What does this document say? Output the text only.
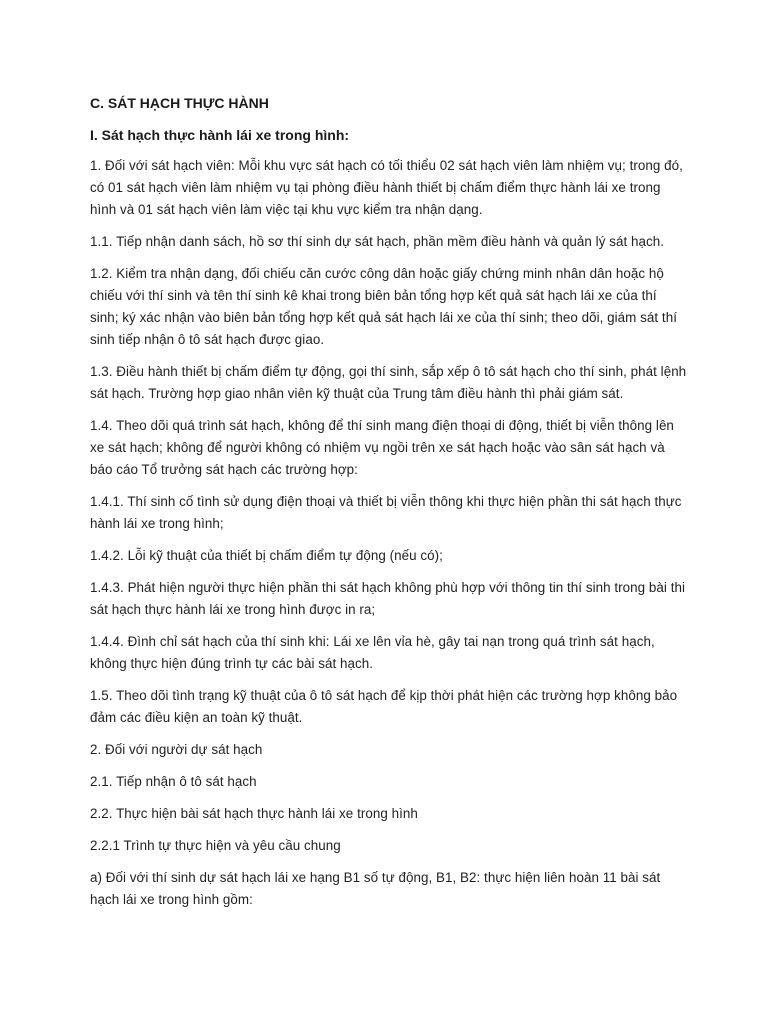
C. SÁT HẠCH THỰC HÀNH
I. Sát hạch thực hành lái xe trong hình:

1. Đối với sát hạch viên: Mỗi khu vực sát hạch có tối thiểu 02 sát hạch viên làm nhiệm vụ; trong đó, có 01 sát hạch viên làm nhiệm vụ tại phòng điều hành thiết bị chấm điểm thực hành lái xe trong hình và 01 sát hạch viên làm việc tại khu vực kiểm tra nhận dạng.

1.1. Tiếp nhận danh sách, hồ sơ thí sinh dự sát hạch, phần mềm điều hành và quản lý sát hạch.

1.2. Kiểm tra nhận dạng, đối chiếu căn cước công dân hoặc giấy chứng minh nhân dân hoặc hộ chiếu với thí sinh và tên thí sinh kê khai trong biên bản tổng hợp kết quả sát hạch lái xe của thí sinh; ký xác nhận vào biên bản tổng hợp kết quả sát hạch lái xe của thí sinh; theo dõi, giám sát thí sinh tiếp nhận ô tô sát hạch được giao.

1.3. Điều hành thiết bị chấm điểm tự động, gọi thí sinh, sắp xếp ô tô sát hạch cho thí sinh, phát lệnh sát hạch. Trường hợp giao nhân viên kỹ thuật của Trung tâm điều hành thì phải giám sát.

1.4. Theo dõi quá trình sát hạch, không để thí sinh mang điện thoại di động, thiết bị viễn thông lên xe sát hạch; không để người không có nhiệm vụ ngồi trên xe sát hạch hoặc vào sân sát hạch và báo cáo Tổ trưởng sát hạch các trường hợp:

1.4.1. Thí sinh cố tình sử dụng điện thoại và thiết bị viễn thông khi thực hiện phần thi sát hạch thực hành lái xe trong hình;

1.4.2. Lỗi kỹ thuật của thiết bị chấm điểm tự động (nếu có);

1.4.3. Phát hiện người thực hiện phần thi sát hạch không phù hợp với thông tin thí sinh trong bài thi sát hạch thực hành lái xe trong hình được in ra;

1.4.4. Đình chỉ sát hạch của thí sinh khi: Lái xe lên vỉa hè, gây tai nạn trong quá trình sát hạch, không thực hiện đúng trình tự các bài sát hạch.

1.5. Theo dõi tình trạng kỹ thuật của ô tô sát hạch để kịp thời phát hiện các trường hợp không bảo đảm các điều kiện an toàn kỹ thuật.

2. Đối với người dự sát hạch

2.1. Tiếp nhận ô tô sát hạch

2.2. Thực hiện bài sát hạch thực hành lái xe trong hình

2.2.1 Trình tự thực hiện và yêu cầu chung

a) Đối với thí sinh dự sát hạch lái xe hạng B1 số tự động, B1, B2: thực hiện liên hoàn 11 bài sát hạch lái xe trong hình gồm:
